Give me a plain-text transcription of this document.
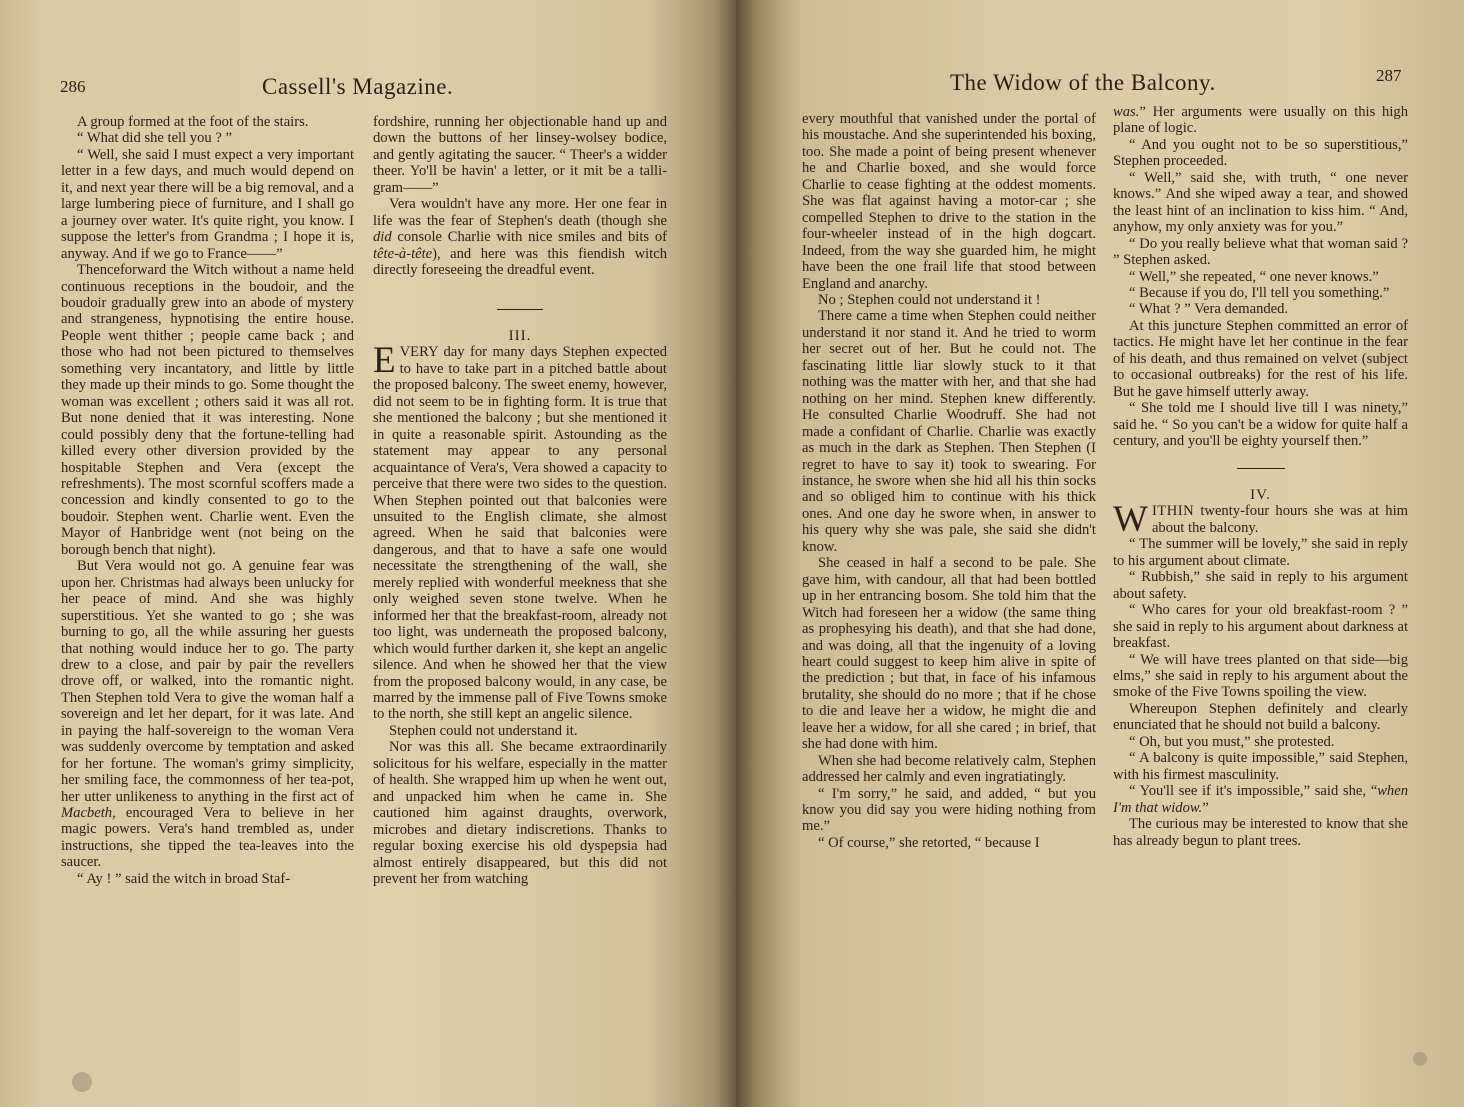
286	Cassell's Magazine.

A group formed at the foot of the stairs.

“ What did she tell you ? ”

“ Well, she said I must expect a very important letter in a few days, and much would depend on it, and next year there will be a big removal, and a large lumbering piece of furniture, and I shall go a journey over water. It's quite right, you know. I suppose the letter's from Grandma ; I hope it is, anyway. And if we go to France——”

Thenceforward the Witch without a name held continuous receptions in the boudoir, and the boudoir gradually grew into an abode of mystery and strangeness, hypnotising the entire house. People went thither ; people came back ; and those who had not been pictured to themselves something very incantatory, and little by little they made up their minds to go. Some thought the woman was excellent ; others said it was all rot. But none denied that it was interesting. None could possibly deny that the fortune-telling had killed every other diversion provided by the hospitable Stephen and Vera (except the refreshments). The most scornful scoffers made a concession and kindly consented to go to the boudoir. Stephen went. Charlie went. Even the Mayor of Hanbridge went (not being on the borough bench that night).

But Vera would not go. A genuine fear was upon her. Christmas had always been unlucky for her peace of mind. And she was highly superstitious. Yet she wanted to go ; she was burning to go, all the while assuring her guests that nothing would induce her to go. The party drew to a close, and pair by pair the revellers drove off, or walked, into the romantic night. Then Stephen told Vera to give the woman half a sovereign and let her depart, for it was late. And in paying the half-sovereign to the woman Vera was suddenly overcome by temptation and asked for her fortune. The woman's grimy simplicity, her smiling face, the commonness of her tea-pot, her utter unlikeness to anything in the first act of Macbeth, encouraged Vera to believe in her magic powers. Vera's hand trembled as, under instructions, she tipped the tea-leaves into the saucer.

“ Ay ! ” said the witch in broad Staf-

fordshire, running her objectionable hand up and down the buttons of her linsey-wolsey bodice, and gently agitating the saucer. “ Theer's a widder theer. Yo'll be havin' a letter, or it mit be a talli-gram——”

Vera wouldn't have any more. Her one fear in life was the fear of Stephen's death (though she did console Charlie with nice smiles and bits of tête-à-tête), and here was this fiendish witch directly foreseeing the dreadful event.

III.

EVERY day for many days Stephen expected to have to take part in a pitched battle about the proposed balcony. The sweet enemy, however, did not seem to be in fighting form. It is true that she mentioned the balcony ; but she mentioned it in quite a reasonable spirit. Astounding as the statement may appear to any personal acquaintance of Vera's, Vera showed a capacity to perceive that there were two sides to the question. When Stephen pointed out that balconies were unsuited to the English climate, she almost agreed. When he said that balconies were dangerous, and that to have a safe one would necessitate the strengthening of the wall, she merely replied with wonderful meekness that she only weighed seven stone twelve. When he informed her that the breakfast-room, already not too light, was underneath the proposed balcony, which would further darken it, she kept an angelic silence. And when he showed her that the view from the proposed balcony would, in any case, be marred by the immense pall of Five Towns smoke to the north, she still kept an angelic silence.

Stephen could not understand it.

Nor was this all. She became extraordinarily solicitous for his welfare, especially in the matter of health. She wrapped him up when he went out, and unpacked him when he came in. She cautioned him against draughts, overwork, microbes and dietary indiscretions. Thanks to regular boxing exercise his old dyspepsia had almost entirely disappeared, but this did not prevent her from watching

The Widow of the Balcony.	287

every mouthful that vanished under the portal of his moustache. And she superintended his boxing, too. She made a point of being present whenever he and Charlie boxed, and she would force Charlie to cease fighting at the oddest moments. She was flat against having a motor-car ; she compelled Stephen to drive to the station in the four-wheeler instead of in the high dogcart. Indeed, from the way she guarded him, he might have been the one frail life that stood between England and anarchy.

No ; Stephen could not understand it !

There came a time when Stephen could neither understand it nor stand it. And he tried to worm her secret out of her. But he could not. The fascinating little liar slowly stuck to it that nothing was the matter with her, and that she had nothing on her mind. Stephen knew differently. He consulted Charlie Woodruff. She had not made a confidant of Charlie. Charlie was exactly as much in the dark as Stephen. Then Stephen (I regret to have to say it) took to swearing. For instance, he swore when she hid all his thin socks and so obliged him to continue with his thick ones. And one day he swore when, in answer to his query why she was pale, she said she didn't know.

She ceased in half a second to be pale. She gave him, with candour, all that had been bottled up in her entrancing bosom. She told him that the Witch had foreseen her a widow (the same thing as prophesying his death), and that she had done, and was doing, all that the ingenuity of a loving heart could suggest to keep him alive in spite of the prediction ; but that, in face of his infamous brutality, she should do no more ; that if he chose to die and leave her a widow, he might die and leave her a widow, for all she cared ; in brief, that she had done with him.

When she had become relatively calm, Stephen addressed her calmly and even ingratiatingly.

“ I'm sorry,” he said, and added, “ but you know you did say you were hiding nothing from me.”

“ Of course,” she retorted, “ because I

was.” Her arguments were usually on this high plane of logic.

“ And you ought not to be so superstitious,” Stephen proceeded.

“ Well,” said she, with truth, “ one never knows.” And she wiped away a tear, and showed the least hint of an inclination to kiss him. “ And, anyhow, my only anxiety was for you.”

“ Do you really believe what that woman said ? ” Stephen asked.

“ Well,” she repeated, “ one never knows.”

“ Because if you do, I'll tell you something.”

“ What ? ” Vera demanded.

At this juncture Stephen committed an error of tactics. He might have let her continue in the fear of his death, and thus remained on velvet (subject to occasional outbreaks) for the rest of his life. But he gave himself utterly away.

“ She told me I should live till I was ninety,” said he. “ So you can't be a widow for quite half a century, and you'll be eighty yourself then.”

IV.

WITHIN twenty-four hours she was at him about the balcony.

“ The summer will be lovely,” she said in reply to his argument about climate.

“ Rubbish,” she said in reply to his argument about safety.

“ Who cares for your old breakfast-room ? ” she said in reply to his argument about darkness at breakfast.

“ We will have trees planted on that side—big elms,” she said in reply to his argument about the smoke of the Five Towns spoiling the view.

Whereupon Stephen definitely and clearly enunciated that he should not build a balcony.

“ Oh, but you must,” she protested.

“ A balcony is quite impossible,” said Stephen, with his firmest masculinity.

“ You'll see if it's impossible,” said she, “when I'm that widow.”

The curious may be interested to know that she has already begun to plant trees.
